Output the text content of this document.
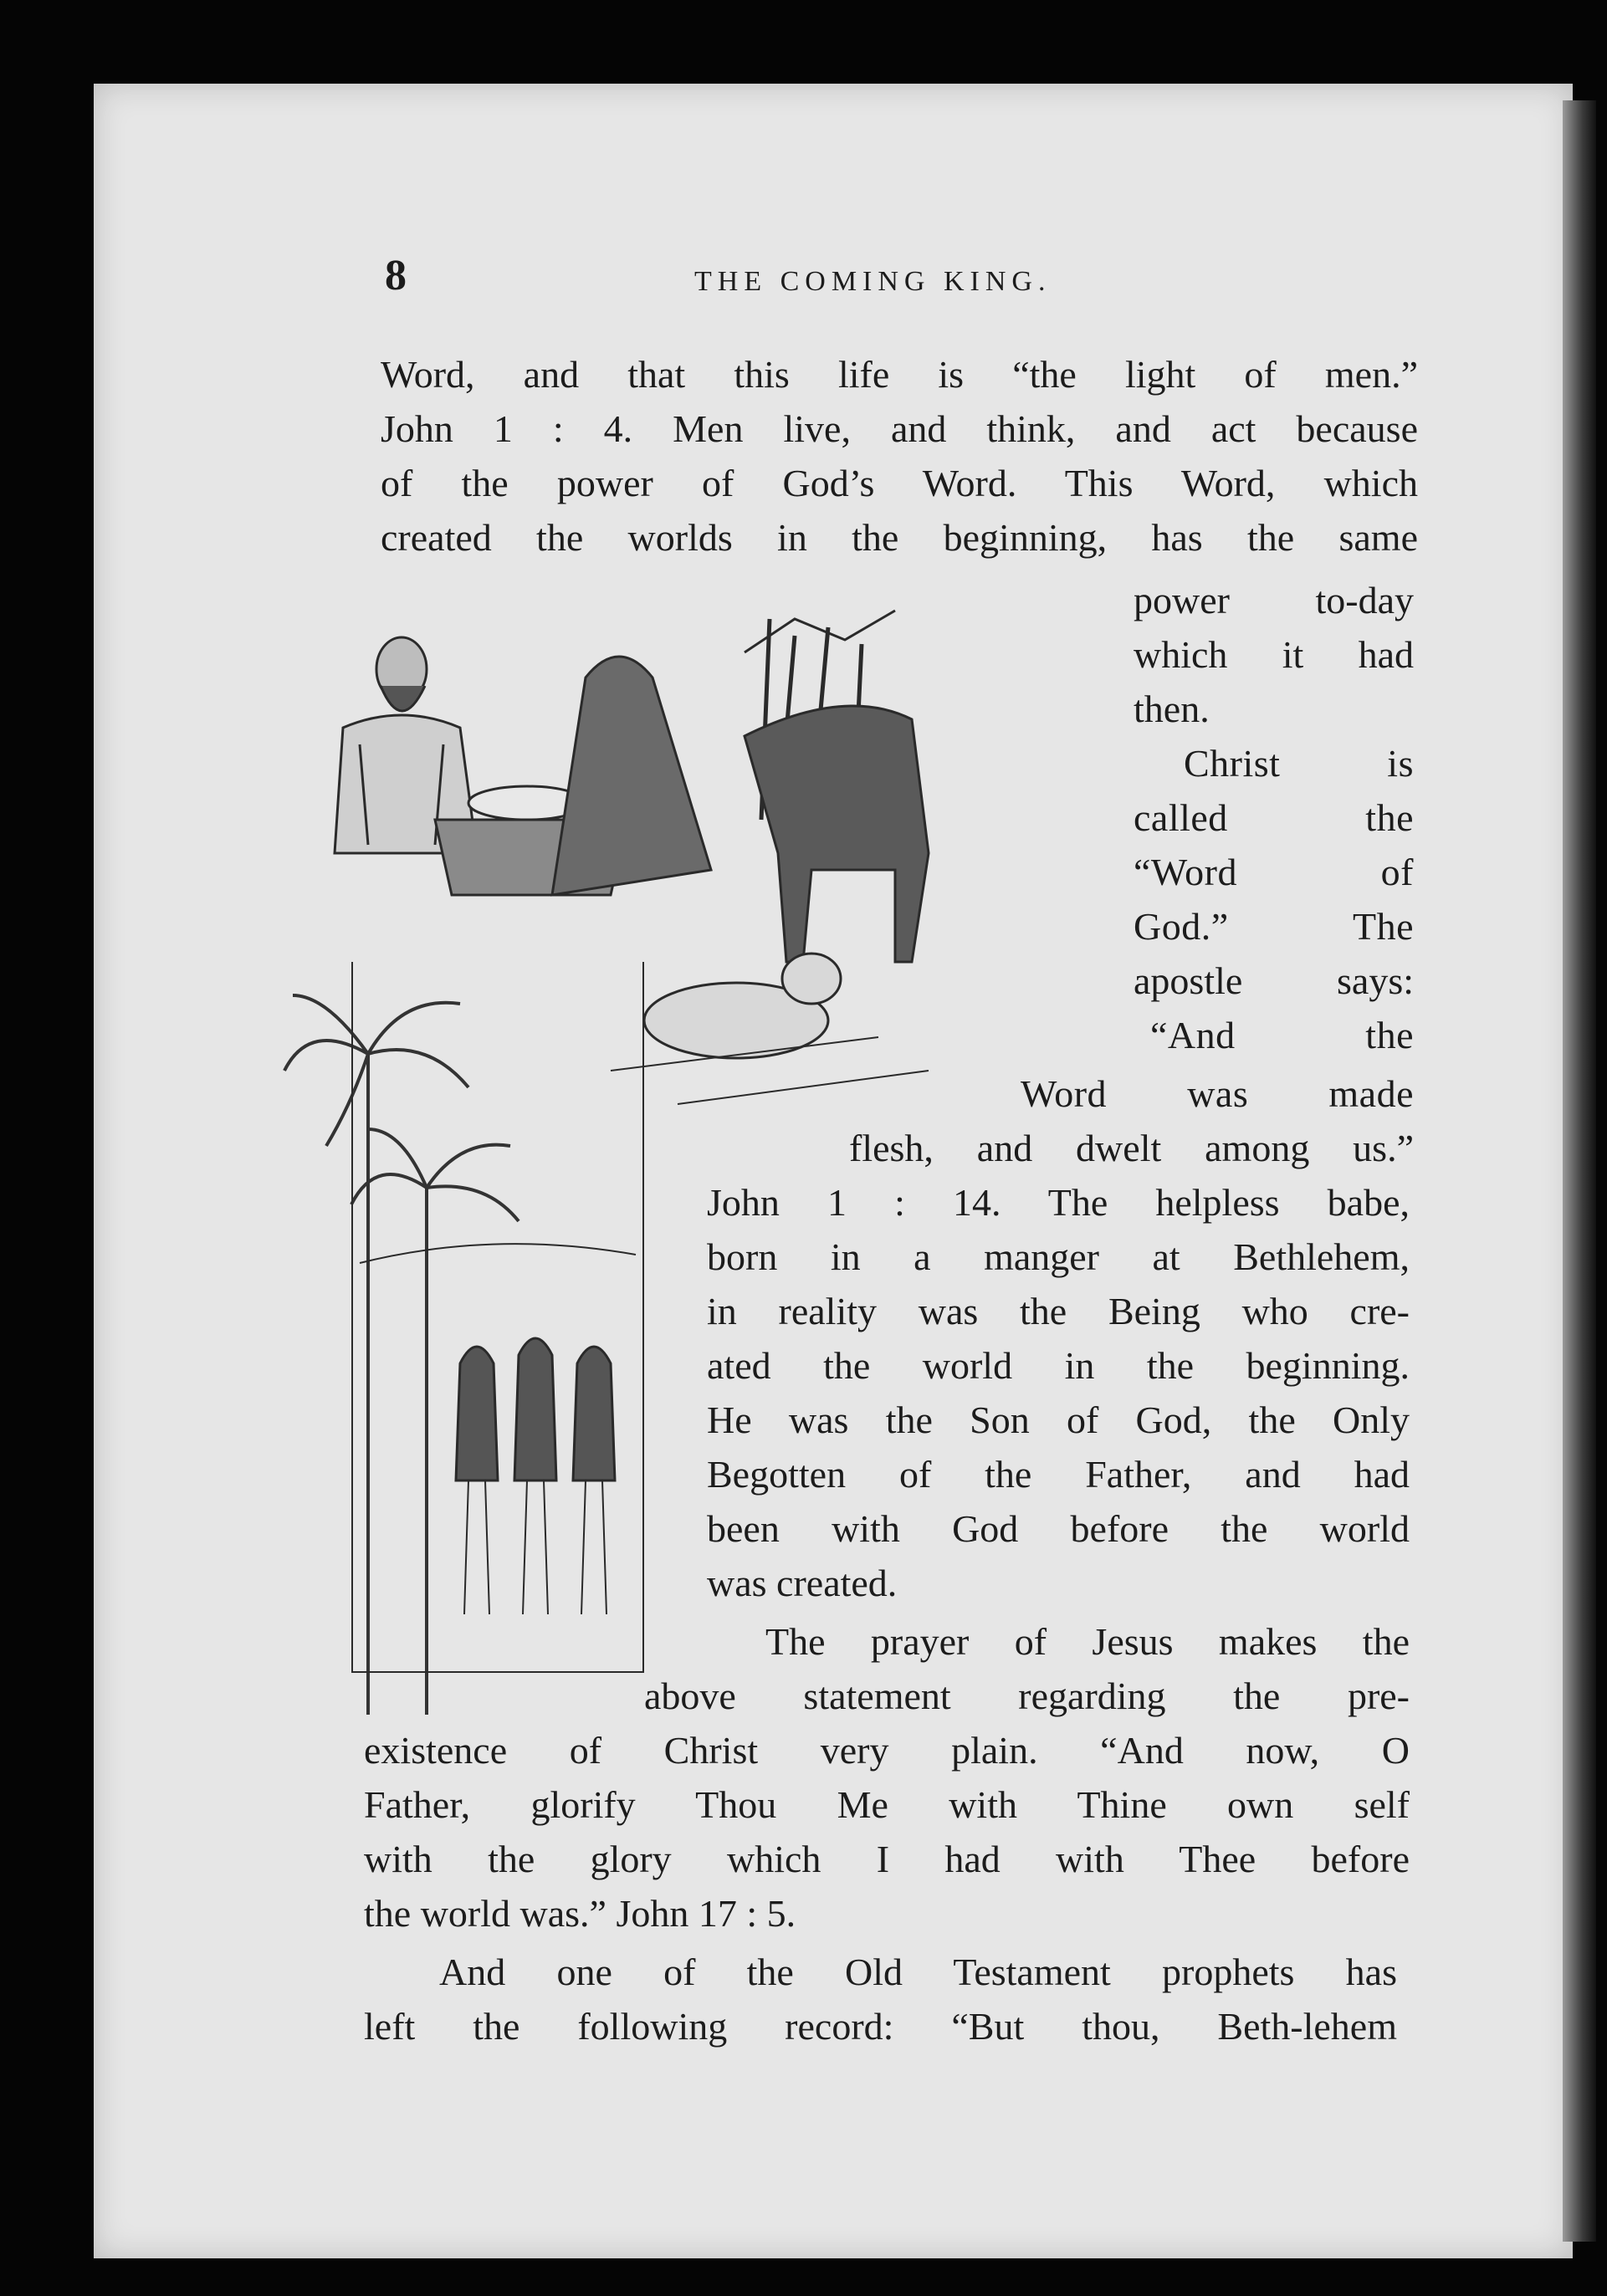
8	THE COMING KING.
Word, and that this life is “the light of men.”
John 1 : 4. Men live, and think, and act because
of the power of God’s Word. This Word, which
created the worlds in the beginning, has the same
power to-day
which it had
then.
Christ is
called the
“Word of
God.” The
apostle says:
“And the
Word was made
flesh, and dwelt among us.”
John 1 : 14. The helpless babe,
born in a manger at Bethlehem,
in reality was the Being who cre-
ated the world in the beginning.
He was the Son of God, the Only
Begotten of the Father, and had
been with God before the world
was created.
The prayer of Jesus makes the
above statement regarding the pre-
existence of Christ very plain. “And now, O
Father, glorify Thou Me with Thine own self
with the glory which I had with Thee before
the world was.” John 17 : 5.
And one of the Old Testament prophets has
left the following record: “But thou, Beth-lehem
